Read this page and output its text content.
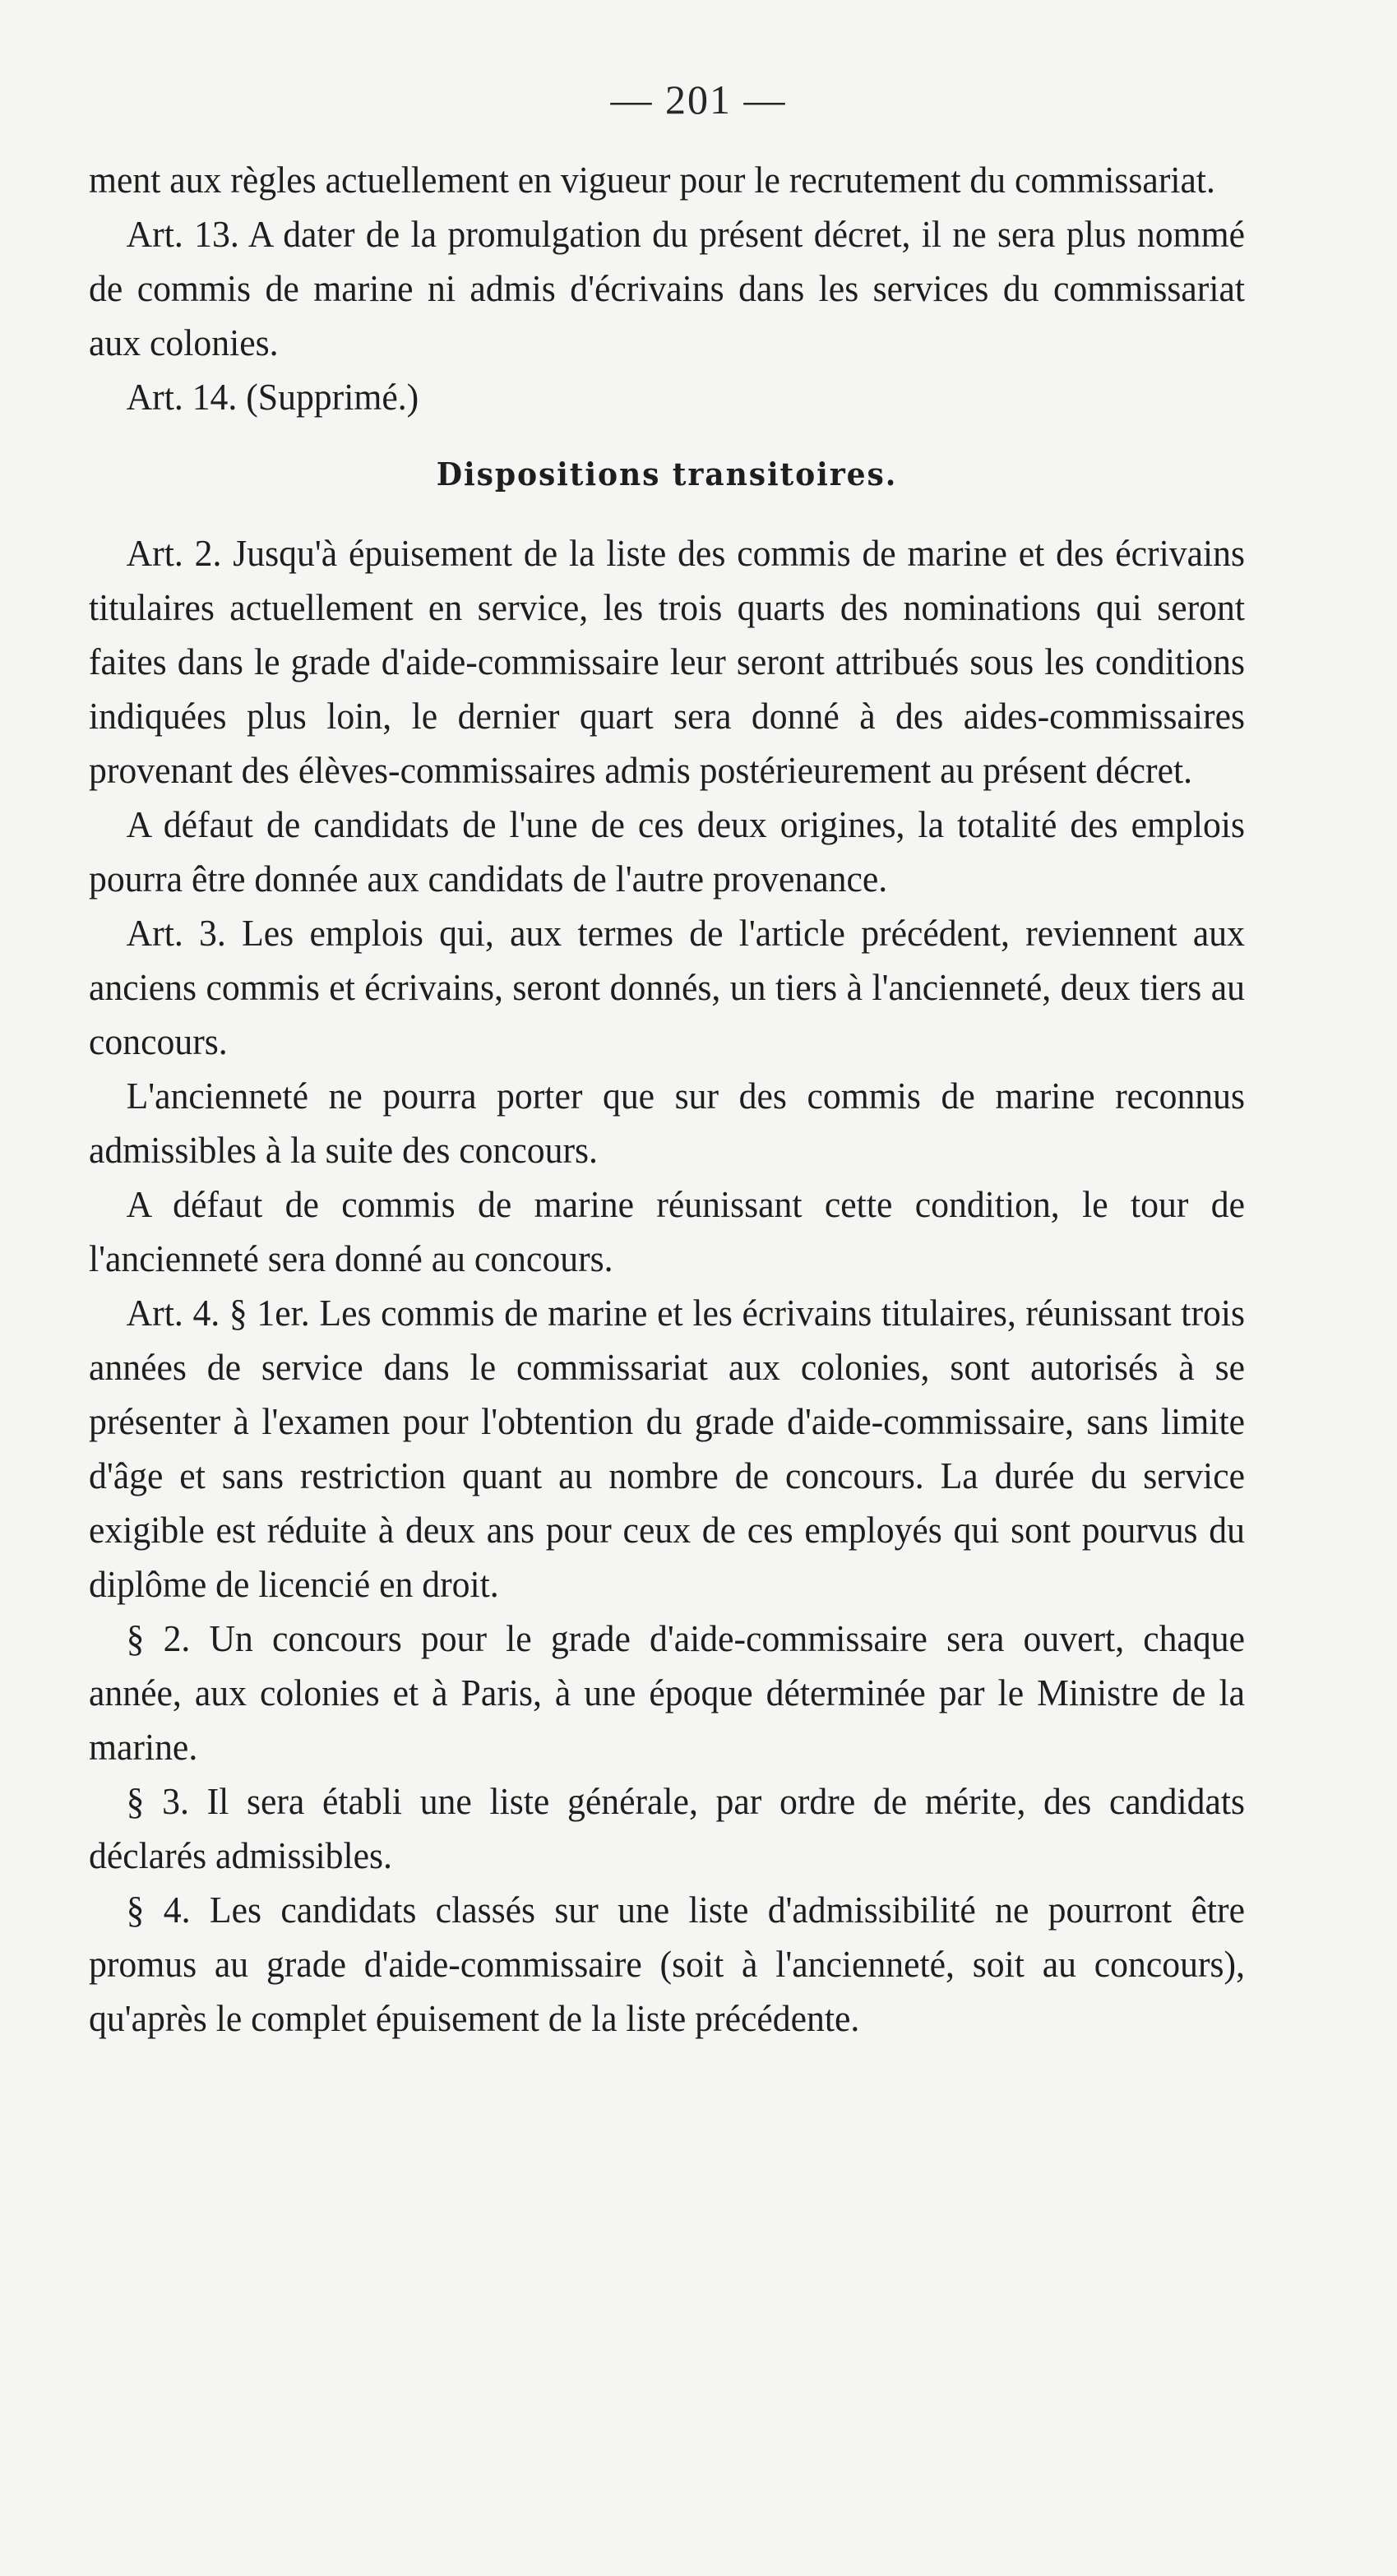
— 201 —

ment aux règles actuellement en vigueur pour le recrutement du commissariat.

Art. 13. A dater de la promulgation du présent décret, il ne sera plus nommé de commis de marine ni admis d'écrivains dans les services du commissariat aux colonies.

Art. 14. (Supprimé.)

Dispositions transitoires.

Art. 2. Jusqu'à épuisement de la liste des commis de marine et des écrivains titulaires actuellement en service, les trois quarts des nominations qui seront faites dans le grade d'aide-commissaire leur seront attribués sous les conditions indiquées plus loin, le dernier quart sera donné à des aides-commissaires provenant des élèves-commissaires admis postérieurement au présent décret.

A défaut de candidats de l'une de ces deux origines, la totalité des emplois pourra être donnée aux candidats de l'autre provenance.

Art. 3. Les emplois qui, aux termes de l'article précédent, reviennent aux anciens commis et écrivains, seront donnés, un tiers à l'ancienneté, deux tiers au concours.

L'ancienneté ne pourra porter que sur des commis de marine reconnus admissibles à la suite des concours.

A défaut de commis de marine réunissant cette condition, le tour de l'ancienneté sera donné au concours.

Art. 4. § 1er. Les commis de marine et les écrivains titulaires, réunissant trois années de service dans le commissariat aux colonies, sont autorisés à se présenter à l'examen pour l'obtention du grade d'aide-commissaire, sans limite d'âge et sans restriction quant au nombre de concours. La durée du service exigible est réduite à deux ans pour ceux de ces employés qui sont pourvus du diplôme de licencié en droit.

§ 2. Un concours pour le grade d'aide-commissaire sera ouvert, chaque année, aux colonies et à Paris, à une époque déterminée par le Ministre de la marine.

§ 3. Il sera établi une liste générale, par ordre de mérite, des candidats déclarés admissibles.

§ 4. Les candidats classés sur une liste d'admissibilité ne pourront être promus au grade d'aide-commissaire (soit à l'ancienneté, soit au concours), qu'après le complet épuisement de la liste précédente.
